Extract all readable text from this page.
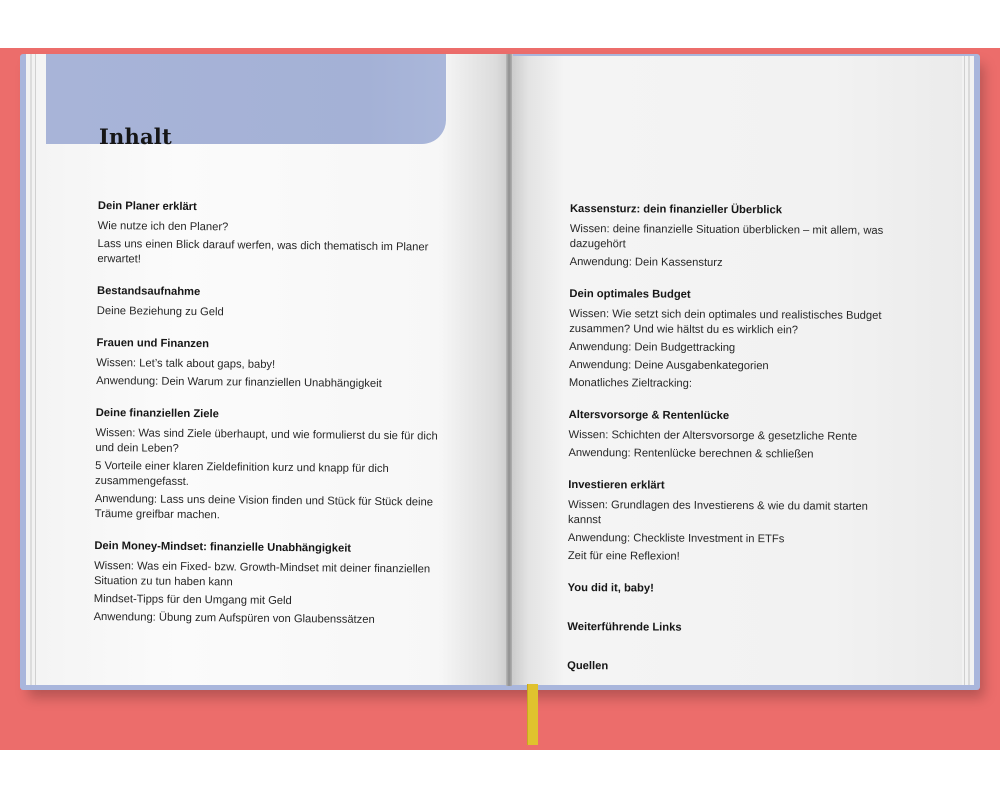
Inhalt
Dein Planer erklärt
Wie nutze ich den Planer?
Lass uns einen Blick darauf werfen, was dich thematisch im Planer erwartet!
Bestandsaufnahme
Deine Beziehung zu Geld
Frauen und Finanzen
Wissen: Let’s talk about gaps, baby!
Anwendung: Dein Warum zur finanziellen Unabhängigkeit
Deine finanziellen Ziele
Wissen: Was sind Ziele überhaupt, und wie formulierst du sie für dich und dein Leben?
5 Vorteile einer klaren Zieldefinition kurz und knapp für dich zusammengefasst.
Anwendung: Lass uns deine Vision finden und Stück für Stück deine Träume greifbar machen.
Dein Money-Mindset: finanzielle Unabhängigkeit
Wissen: Was ein Fixed- bzw. Growth-Mindset mit deiner finanziellen Situation zu tun haben kann
Mindset-Tipps für den Umgang mit Geld
Anwendung: Übung zum Aufspüren von Glaubenssätzen
Kassensturz: dein finanzieller Überblick
Wissen: deine finanzielle Situation überblicken – mit allem, was dazugehört
Anwendung: Dein Kassensturz
Dein optimales Budget
Wissen: Wie setzt sich dein optimales und realistisches Budget zusammen? Und wie hältst du es wirklich ein?
Anwendung: Dein Budgettracking
Anwendung: Deine Ausgabenkategorien
Monatliches Zieltracking:
Altersvorsorge & Rentenlücke
Wissen: Schichten der Altersvorsorge & gesetzliche Rente
Anwendung: Rentenlücke berechnen & schließen
Investieren erklärt
Wissen: Grundlagen des Investierens & wie du damit starten kannst
Anwendung: Checkliste Investment in ETFs
Zeit für eine Reflexion!
You did it, baby!
Weiterführende Links
Quellen
